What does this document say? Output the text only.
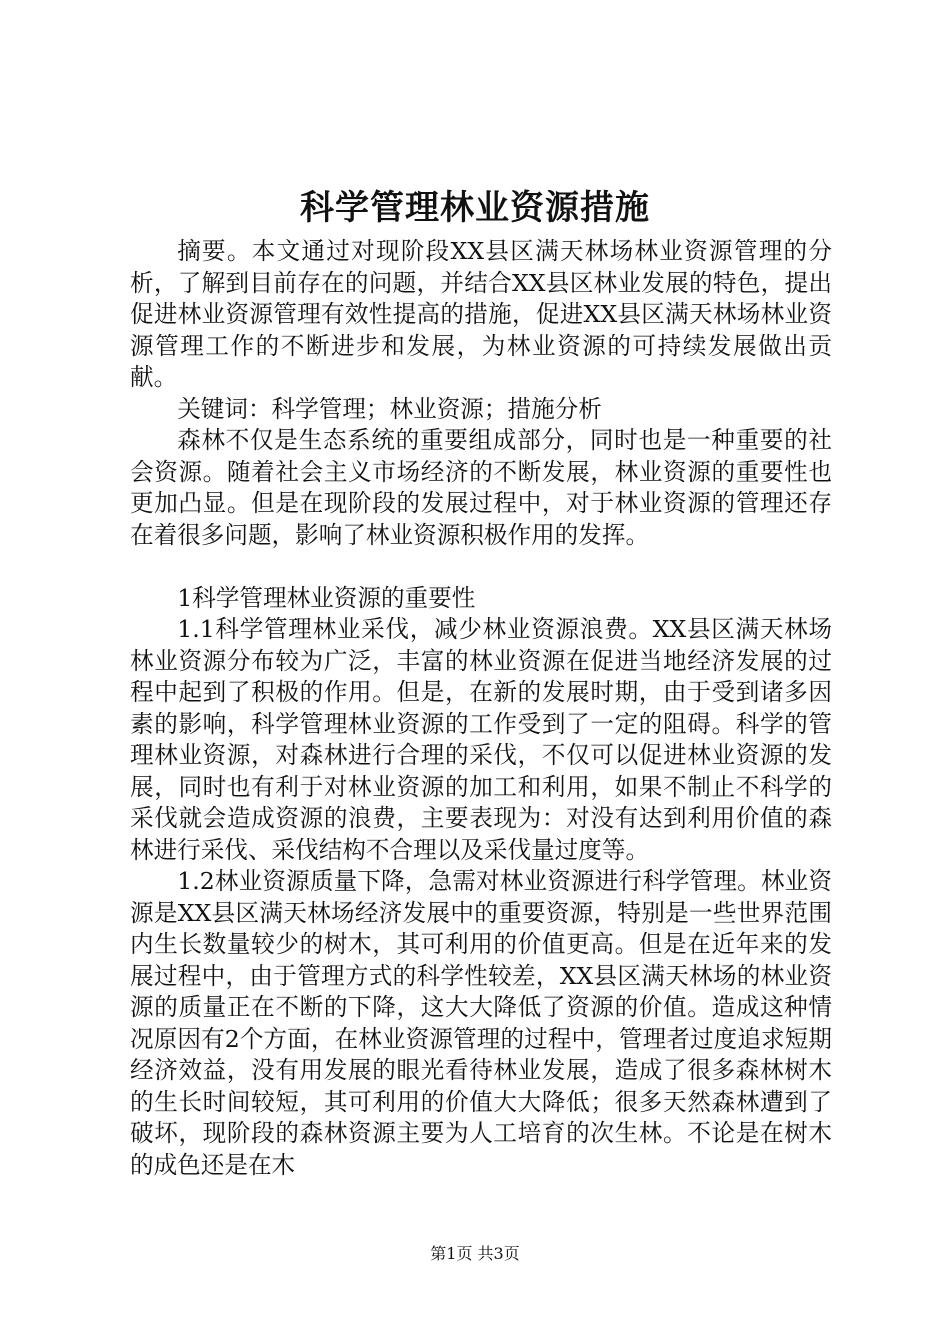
科学管理林业资源措施

摘要。本文通过对现阶段XX县区满天林场林业资源管理的分析，了解到目前存在的问题，并结合XX县区林业发展的特色，提出促进林业资源管理有效性提高的措施，促进XX县区满天林场林业资源管理工作的不断进步和发展，为林业资源的可持续发展做出贡献。

关键词：科学管理；林业资源；措施分析

森林不仅是生态系统的重要组成部分，同时也是一种重要的社会资源。随着社会主义市场经济的不断发展，林业资源的重要性也更加凸显。但是在现阶段的发展过程中，对于林业资源的管理还存在着很多问题，影响了林业资源积极作用的发挥。

1科学管理林业资源的重要性

1.1科学管理林业采伐，减少林业资源浪费。XX县区满天林场林业资源分布较为广泛，丰富的林业资源在促进当地经济发展的过程中起到了积极的作用。但是，在新的发展时期，由于受到诸多因素的影响，科学管理林业资源的工作受到了一定的阻碍。科学的管理林业资源，对森林进行合理的采伐，不仅可以促进林业资源的发展，同时也有利于对林业资源的加工和利用，如果不制止不科学的采伐就会造成资源的浪费，主要表现为：对没有达到利用价值的森林进行采伐、采伐结构不合理以及采伐量过度等。

1.2林业资源质量下降，急需对林业资源进行科学管理。林业资源是XX县区满天林场经济发展中的重要资源，特别是一些世界范围内生长数量较少的树木，其可利用的价值更高。但是在近年来的发展过程中，由于管理方式的科学性较差，XX县区满天林场的林业资源的质量正在不断的下降，这大大降低了资源的价值。造成这种情况原因有2个方面，在林业资源管理的过程中，管理者过度追求短期经济效益，没有用发展的眼光看待林业发展，造成了很多森林树木的生长时间较短，其可利用的价值大大降低；很多天然森林遭到了破坏，现阶段的森林资源主要为人工培育的次生林。不论是在树木的成色还是在木

第1页 共3页
